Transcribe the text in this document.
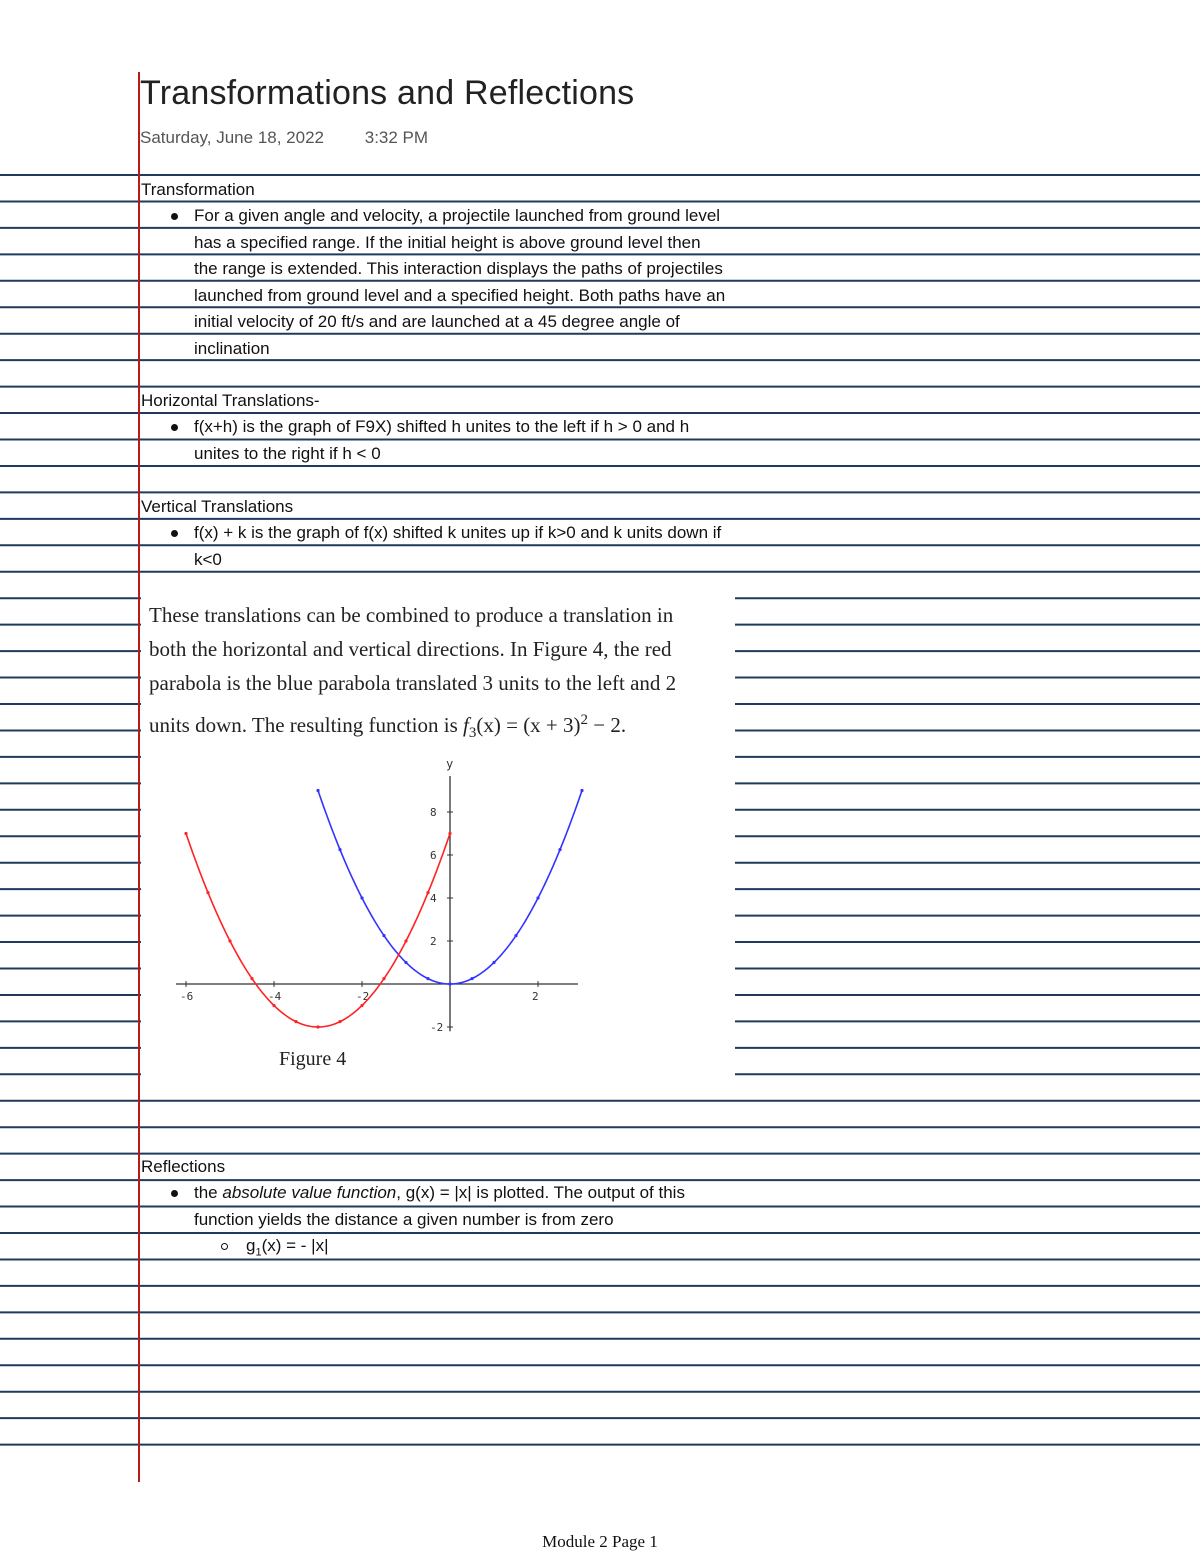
Transformations and Reflections
Saturday, June 18, 2022 3:32 PM
Transformation
For a given angle and velocity, a projectile launched from ground level
has a specified range. If the initial height is above ground level then
the range is extended. This interaction displays the paths of projectiles
launched from ground level and a specified height. Both paths have an
initial velocity of 20 ft/s and are launched at a 45 degree angle of
inclination
Horizontal Translations-
f(x+h) is the graph of F9X) shifted h unites to the left if h > 0 and h
unites to the right if h < 0
Vertical Translations
f(x) + k is the graph of f(x) shifted k unites up if k>0 and k units down if
k<0
These translations can be combined to produce a translation in
both the horizontal and vertical directions. In Figure 4, the red
parabola is the blue parabola translated 3 units to the left and 2
units down. The resulting function is $f_3(x) = (x + 3)^2 - 2$.
y
-6	-4	-2	2
8
6
4
2
-2
Figure 4
Reflections
the absolute value function, g(x) = |x| is plotted. The output of this
function yields the distance a given number is from zero
$g_1(x)$ = - |x|
Module 2 Page 1
